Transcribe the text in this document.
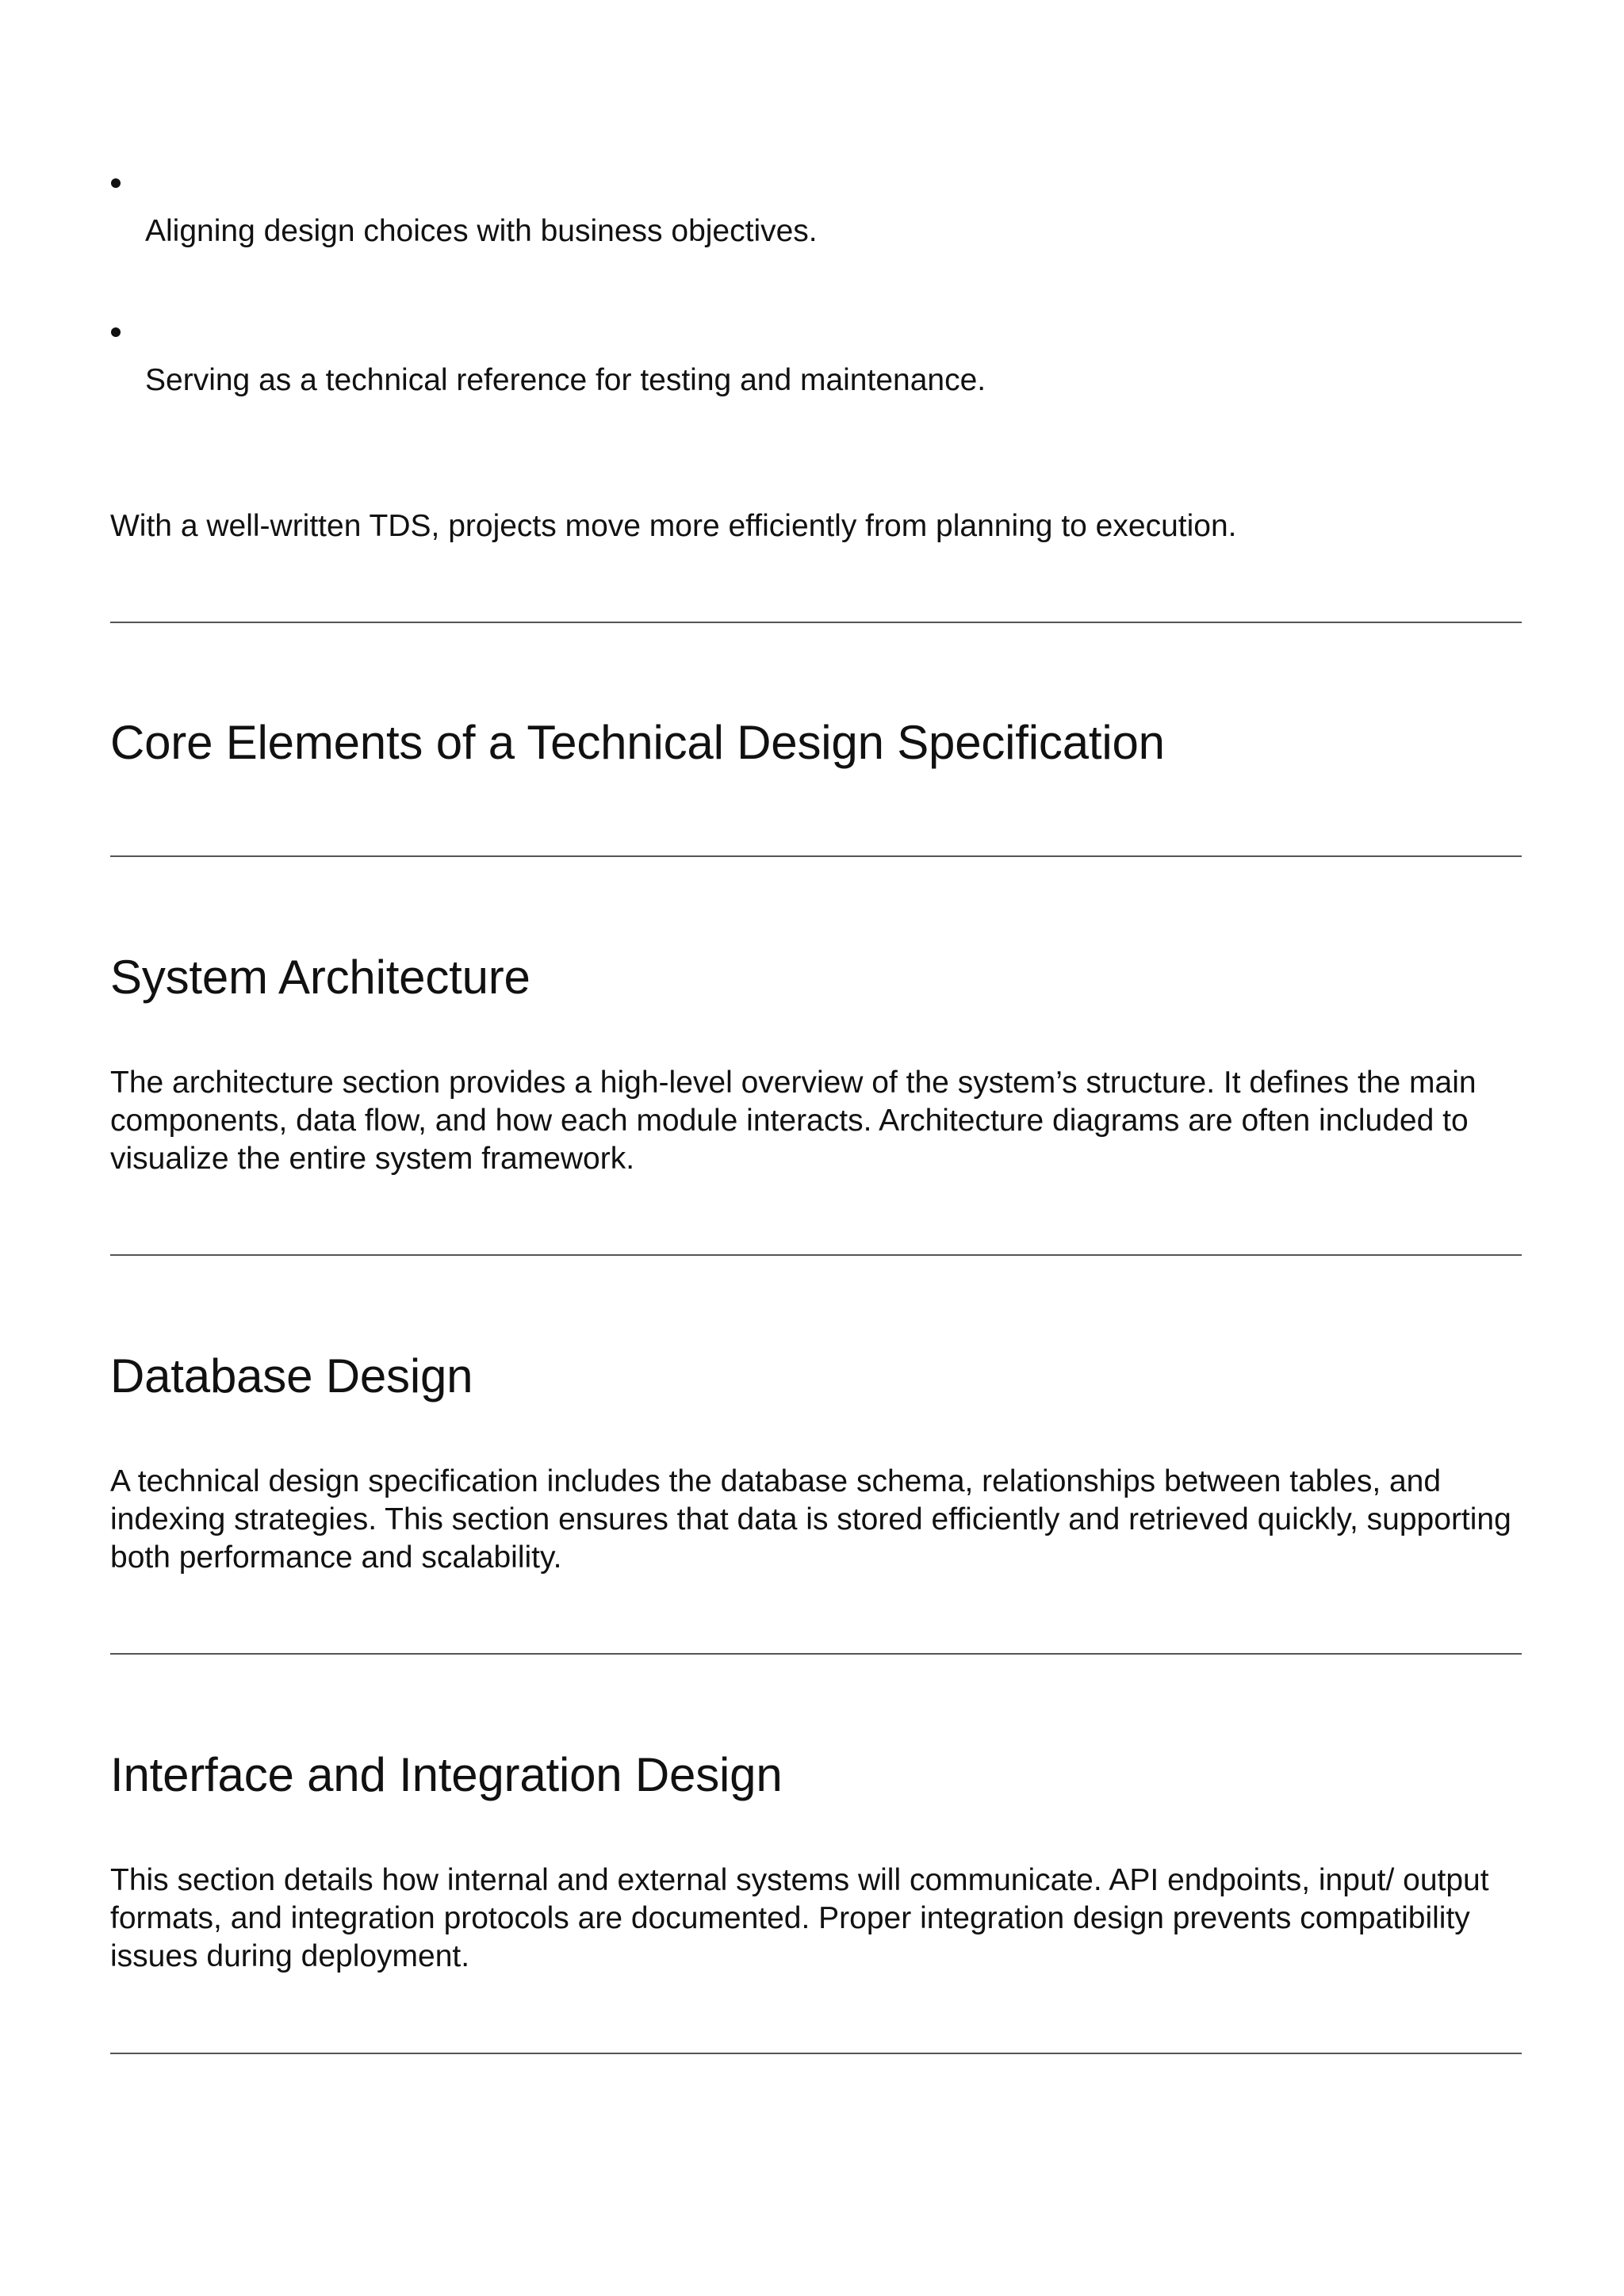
Aligning design choices with business objectives.
Serving as a technical reference for testing and maintenance.

With a well-written TDS, projects move more efficiently from planning to execution.

Core Elements of a Technical Design Specification
System Architecture

The architecture section provides a high-level overview of the system’s structure. It defines the main components, data flow, and how each module interacts. Architecture diagrams are often included to visualize the entire system framework.

Database Design

A technical design specification includes the database schema, relationships between tables, and indexing strategies. This section ensures that data is stored efficiently and retrieved quickly, supporting both performance and scalability.

Interface and Integration Design

This section details how internal and external systems will communicate. API endpoints, input/ output formats, and integration protocols are documented. Proper integration design prevents compatibility issues during deployment.
